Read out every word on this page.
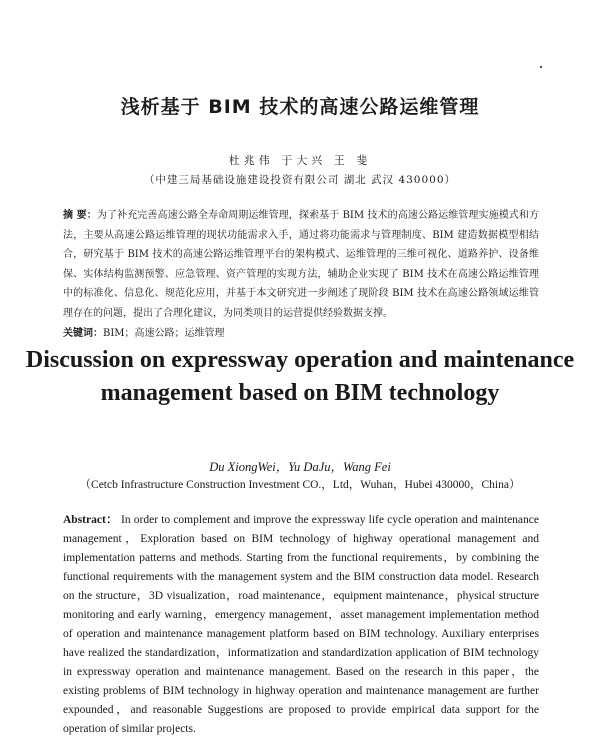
浅析基于 BIM 技术的高速公路运维管理
杜兆伟 于大兴 王 斐
（中建三局基础设施建设投资有限公司 湖北 武汉 430000）
摘 要：为了补充完善高速公路全寿命周期运维管理，探索基于 BIM 技术的高速公路运维管理实施模式和方法，主要从高速公路运维管理的现状功能需求入手，通过将功能需求与管理制度、BIM 建造数据模型相结合，研究基于 BIM 技术的高速公路运维管理平台的架构模式、运维管理的三维可视化、道路养护、设备维保、实体结构监测预警、应急管理、资产管理的实现方法，辅助企业实现了 BIM 技术在高速公路运维管理中的标准化、信息化、规范化应用，并基于本文研究进一步阐述了现阶段 BIM 技术在高速公路领域运维管理存在的问题，提出了合理化建议，为同类项目的运营提供经验数据支撑。
关键词：BIM；高速公路；运维管理
Discussion on expressway operation and maintenance
management based on BIM technology
Du XiongWei，Yu DaJu，Wang Fei
（Cetcb Infrastructure Construction Investment CO.，Ltd，Wuhan，Hubei 430000，China）
Abstract： In order to complement and improve the expressway life cycle operation and maintenance management，Exploration based on BIM technology of highway operational management and implementation patterns and methods. Starting from the functional requirements，by combining the functional requirements with the management system and the BIM construction data model. Research on the structure，3D visualization，road maintenance，equipment maintenance，physical structure monitoring and early warning，emergency management，asset management implementation method of operation and maintenance management platform based on BIM technology. Auxiliary enterprises have realized the standardization，informatization and standardization application of BIM technology in expressway operation and maintenance management. Based on the research in this paper，the existing problems of BIM technology in highway operation and maintenance management are further expounded，and reasonable Suggestions are proposed to provide empirical data support for the operation of similar projects.
